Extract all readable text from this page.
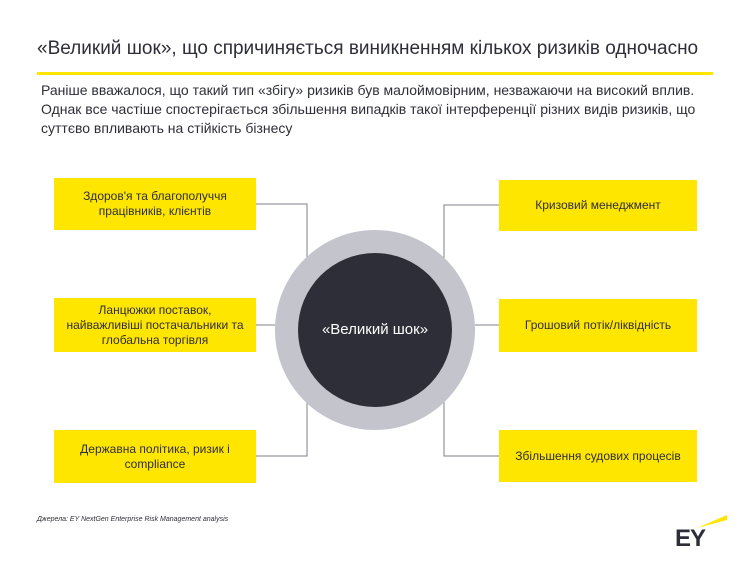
«Великий шок», що спричиняється виникненням кількох ризиків одночасно
Раніше вважалося, що такий тип «збігу» ризиків був малоймовірним, незважаючи на високий вплив. Однак все частіше спостерігається збільшення випадків такої інтерференції різних видів ризиків, що суттєво впливають на стійкість бізнесу
Здоров'я та благополуччя працівників, клієнтів
Ланцюжки поставок, найважливіші постачальники та глобальна торгівля
Державна політика, ризик і compliance
Кризовий менеджмент
Грошовий потік/ліквідність
Збільшення судових процесів
«Великий шок»
Джерела: EY NextGen Enterprise Risk Management analysis
EY
